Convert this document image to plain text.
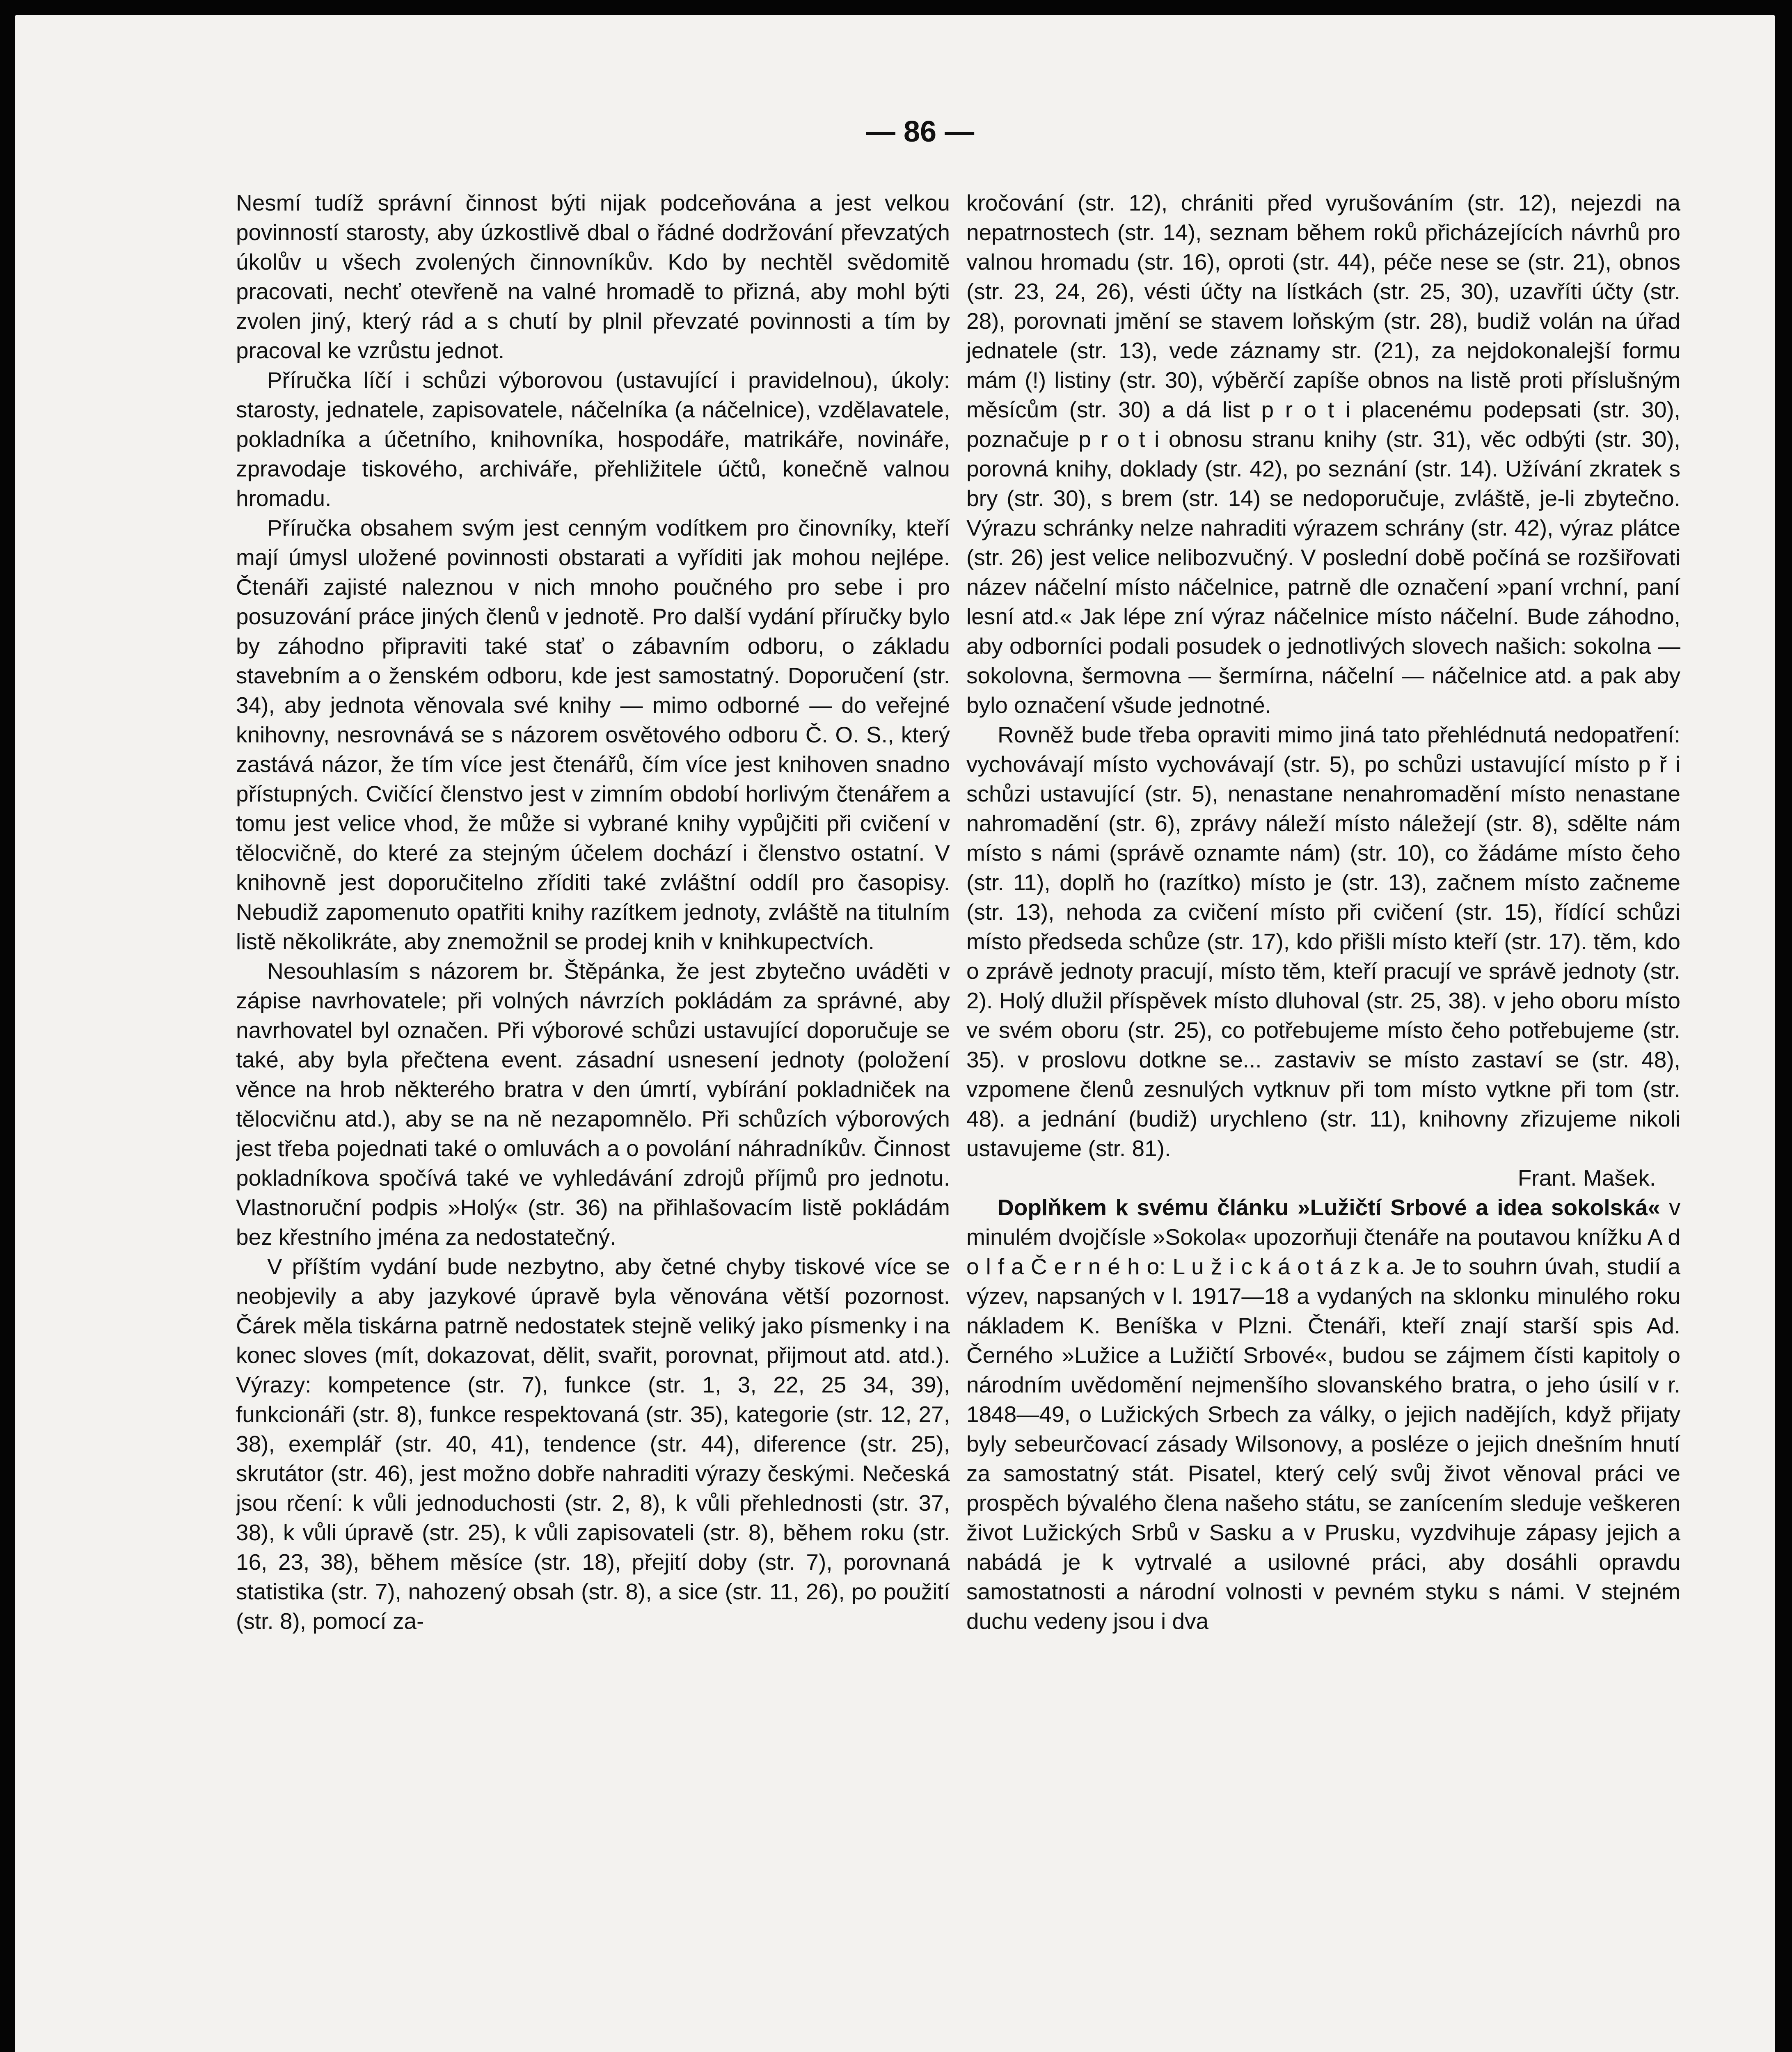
— 86 —

Nesmí tudíž správní činnost býti nijak podceňována a jest velkou povinností starosty, aby úzkostlivě dbal o řádné dodržování převzatých úkolův u všech zvolených činnovníkův. Kdo by nechtěl svědomitě pracovati, nechť otevřeně na valné hromadě to přizná, aby mohl býti zvolen jiný, který rád a s chutí by plnil převzaté povinnosti a tím by pracoval ke vzrůstu jednot.

Příručka líčí i schůzi výborovou (ustavující i pravidelnou), úkoly: starosty, jednatele, zapisovatele, náčelníka (a náčelnice), vzdělavatele, pokladníka a účetního, knihovníka, hospodáře, matrikáře, novináře, zpravodaje tiskového, archiváře, přehližitele účtů, konečně valnou hromadu.

Příručka obsahem svým jest cenným vodítkem pro činovníky, kteří mají úmysl uložené povinnosti obstarati a vyříditi jak mohou nejlépe. Čtenáři zajisté naleznou v nich mnoho poučného pro sebe i pro posuzování práce jiných členů v jednotě. Pro další vydání příručky bylo by záhodno připraviti také stať o zábavním odboru, o základu stavebním a o ženském odboru, kde jest samostatný. Doporučení (str. 34), aby jednota věnovala své knihy — mimo odborné — do veřejné knihovny, nesrovnává se s názorem osvětového odboru Č. O. S., který zastává názor, že tím více jest čtenářů, čím více jest knihoven snadno přístupných. Cvičící členstvo jest v zimním období horlivým čtenářem a tomu jest velice vhod, že může si vybrané knihy vypůjčiti při cvičení v tělocvičně, do které za stejným účelem dochází i členstvo ostatní. V knihovně jest doporučitelno zříditi také zvláštní oddíl pro časopisy. Nebudiž zapomenuto opatřiti knihy razítkem jednoty, zvláště na titulním listě několikráte, aby znemožnil se prodej knih v knihkupectvích.

Nesouhlasím s názorem br. Štěpánka, že jest zbytečno uváděti v zápise navrhovatele; při volných návrzích pokládám za správné, aby navrhovatel byl označen. Při výborové schůzi ustavující doporučuje se také, aby byla přečtena event. zásadní usnesení jednoty (položení věnce na hrob některého bratra v den úmrtí, vybírání pokladniček na tělocvičnu atd.), aby se na ně nezapomnělo. Při schůzích výborových jest třeba pojednati také o omluvách a o povolání náhradníkův. Činnost pokladníkova spočívá také ve vyhledávání zdrojů příjmů pro jednotu. Vlastnoruční podpis »Holý« (str. 36) na přihlašovacím listě pokládám bez křestního jména za nedostatečný.

V příštím vydání bude nezbytno, aby četné chyby tiskové více se neobjevily a aby jazykové úpravě byla věnována větší pozornost. Čárek měla tiskárna patrně nedostatek stejně veliký jako písmenky i na konec sloves (mít, dokazovat, dělit, svařit, porovnat, přijmout atd. atd.). Výrazy: kompetence (str. 7), funkce (str. 1, 3, 22, 25 34, 39), funkcionáři (str. 8), funkce respektovaná (str. 35), kategorie (str. 12, 27, 38), exemplář (str. 40, 41), tendence (str. 44), diference (str. 25), skrutátor (str. 46), jest možno dobře nahraditi výrazy českými. Nečeská jsou rčení: k vůli jednoduchosti (str. 2, 8), k vůli přehlednosti (str. 37, 38), k vůli úpravě (str. 25), k vůli zapisovateli (str. 8), během roku (str. 16, 23, 38), během měsíce (str. 18), přejití doby (str. 7), porovnaná statistika (str. 7), nahozený obsah (str. 8), a sice (str. 11, 26), po použití (str. 8), pomocí za-

kročování (str. 12), chrániti před vyrušováním (str. 12), nejezdi na nepatrnostech (str. 14), seznam během roků přicházejících návrhů pro valnou hromadu (str. 16), oproti (str. 44), péče nese se (str. 21), obnos (str. 23, 24, 26), vésti účty na lístkách (str. 25, 30), uzavříti účty (str. 28), porovnati jmění se stavem loňským (str. 28), budiž volán na úřad jednatele (str. 13), vede záznamy str. (21), za nejdokonalejší formu mám (!) listiny (str. 30), výběrčí zapíše obnos na listě proti příslušným měsícům (str. 30) a dá list p r o t i placenému podepsati (str. 30), poznačuje p r o t i obnosu stranu knihy (str. 31), věc odbýti (str. 30), porovná knihy, doklady (str. 42), po seznání (str. 14). Užívání zkratek s bry (str. 30), s brem (str. 14) se nedoporučuje, zvláště, je-li zbytečno. Výrazu schránky nelze nahraditi výrazem schrány (str. 42), výraz plátce (str. 26) jest velice nelibozvučný. V poslední době počíná se rozšiřovati název náčelní místo náčelnice, patrně dle označení »paní vrchní, paní lesní atd.« Jak lépe zní výraz náčelnice místo náčelní. Bude záhodno, aby odborníci podali posudek o jednotlivých slovech našich: sokolna — sokolovna, šermovna — šermírna, náčelní — náčelnice atd. a pak aby bylo označení všude jednotné.

Rovněž bude třeba opraviti mimo jiná tato přehlédnutá nedopatření: vychovávají místo vychovávají (str. 5), po schůzi ustavující místo p ř i schůzi ustavující (str. 5), nenastane nenahromadění místo nenastane nahromadění (str. 6), zprávy náleží místo náležejí (str. 8), sdělte nám místo s námi (správě oznamte nám) (str. 10), co žádáme místo čeho (str. 11), doplň ho (razítko) místo je (str. 13), začnem místo začneme (str. 13), nehoda za cvičení místo při cvičení (str. 15), řídící schůzi místo předseda schůze (str. 17), kdo přišli místo kteří (str. 17). těm, kdo o zprávě jednoty pracují, místo těm, kteří pracují ve správě jednoty (str. 2). Holý dlužil příspěvek místo dluhoval (str. 25, 38). v jeho oboru místo ve svém oboru (str. 25), co potřebujeme místo čeho potřebujeme (str. 35). v proslovu dotkne se... zastaviv se místo zastaví se (str. 48), vzpomene členů zesnulých vytknuv při tom místo vytkne při tom (str. 48). a jednání (budiž) urychleno (str. 11), knihovny zřizujeme nikoli ustavujeme (str. 81).

Frant. Mašek.

Doplňkem k svému článku »Lužičtí Srbové a idea sokolská« v minulém dvojčísle »Sokola« upozorňuji čtenáře na poutavou knížku A d o l f a Č e r n é h o: L u ž i c k á o t á z k a. Je to souhrn úvah, studií a výzev, napsaných v l. 1917—18 a vydaných na sklonku minulého roku nákladem K. Beníška v Plzni. Čtenáři, kteří znají starší spis Ad. Černého »Lužice a Lužičtí Srbové«, budou se zájmem čísti kapitoly o národním uvědomění nejmenšího slovanského bratra, o jeho úsilí v r. 1848—49, o Lužických Srbech za války, o jejich nadějích, když přijaty byly sebeurčovací zásady Wilsonovy, a posléze o jejich dnešním hnutí za samostatný stát. Pisatel, který celý svůj život věnoval práci ve prospěch bývalého člena našeho státu, se zanícením sleduje veškeren život Lužických Srbů v Sasku a v Prusku, vyzdvihuje zápasy jejich a nabádá je k vytrvalé a usilovné práci, aby dosáhli opravdu samostatnosti a národní volnosti v pevném styku s námi. V stejném duchu vedeny jsou i dva
